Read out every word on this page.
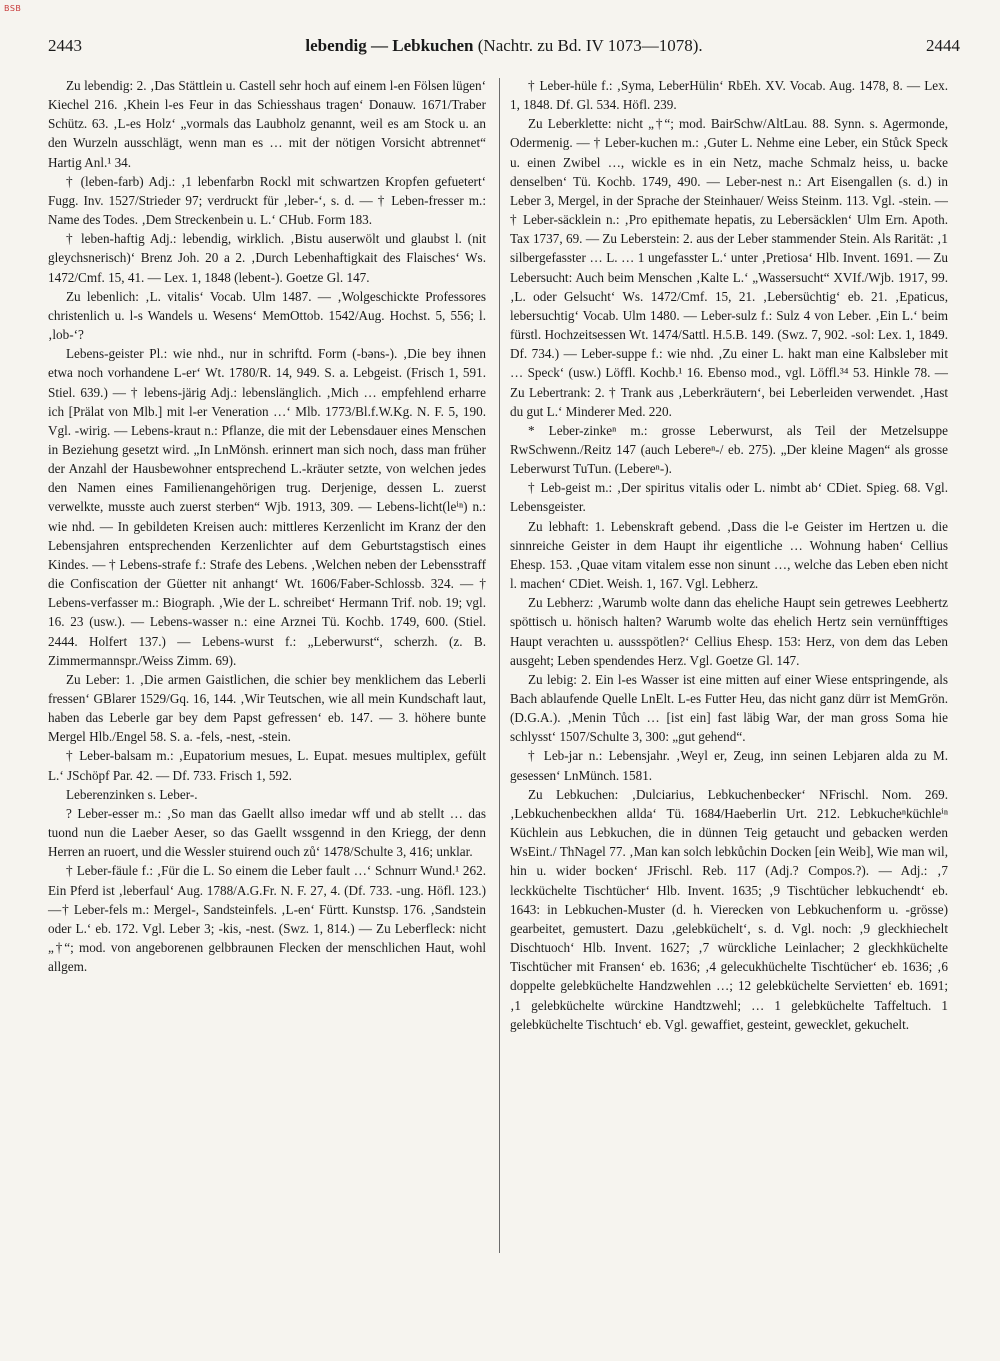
BSB
2443	lebendig — Lebkuchen (Nachtr. zu Bd. IV 1073—1078).	2444

Zu lebendig: 2. ‚Das Stättlein u. Castell sehr hoch auf einem l-en Fölsen lügen‘ Kiechel 216. ‚Khein l-es Feur in das Schiesshaus tragen‘ Donauw. 1671/Traber Schütz. 63. ‚L-es Holz‘ „vormals das Laubholz genannt, weil es am Stock u. an den Wurzeln ausschlägt, wenn man es … mit der nötigen Vorsicht abtrennet“ Hartig Anl.¹ 34.

† (leben-farb) Adj.: ‚1 lebenfarbn Rockl mit schwartzen Kropfen gefuetert‘ Fugg. Inv. 1527/Strieder 97; verdruckt für ‚leber-‘, s. d. — † Leben-fresser m.: Name des Todes. ‚Dem Streckenbein u. L.‘ CHub. Form 183.

† leben-haftig Adj.: lebendig, wirklich. ‚Bistu auserwölt und glaubst l. (nit gleychsnerisch)‘ Brenz Joh. 20 a 2. ‚Durch Lebenhaftigkait des Flaisches‘ Ws. 1472/Cmf. 15, 41. — Lex. 1, 1848 (lebent-). Goetze Gl. 147.

Zu lebenlich: ‚L. vitalis‘ Vocab. Ulm 1487. — ‚Wolgeschickte Professores christenlich u. l-s Wandels u. Wesens‘ MemOttob. 1542/Aug. Hochst. 5, 556; l. ‚lob-‘?

Lebens-geister Pl.: wie nhd., nur in schriftd. Form (-bəns-). ‚Die bey ihnen etwa noch vorhandene L-er‘ Wt. 1780/R. 14, 949. S. a. Lebgeist. (Frisch 1, 591. Stiel. 639.) — † lebens-järig Adj.: lebenslänglich. ‚Mich … empfehlend erharre ich [Prälat von Mlb.] mit l-er Veneration …‘ Mlb. 1773/Bl.f.W.Kg. N. F. 5, 190. Vgl. -wirig. — Lebens-kraut n.: Pflanze, die mit der Lebensdauer eines Menschen in Beziehung gesetzt wird. „In LnMönsh. erinnert man sich noch, dass man früher der Anzahl der Hausbewohner entsprechend L.-kräuter setzte, von welchen jedes den Namen eines Familienangehörigen trug. Derjenige, dessen L. zuerst verwelkte, musste auch zuerst sterben“ Wjb. 1913, 309. — Lebens-licht(leⁱⁿ) n.: wie nhd. — In gebildeten Kreisen auch: mittleres Kerzenlicht im Kranz der den Lebensjahren entsprechenden Kerzenlichter auf dem Geburtstagstisch eines Kindes. — † Lebens-strafe f.: Strafe des Lebens. ‚Welchen neben der Lebensstraff die Confiscation der Güetter nit anhangt‘ Wt. 1606/Faber-Schlossb. 324. — † Lebens-verfasser m.: Biograph. ‚Wie der L. schreibet‘ Hermann Trif. nob. 19; vgl. 16. 23 (usw.). — Lebens-wasser n.: eine Arznei Tü. Kochb. 1749, 600. (Stiel. 2444. Holfert 137.) — Lebens-wurst f.: „Leberwurst“, scherzh. (z. B. Zimmermannspr./Weiss Zimm. 69).

Zu Leber: 1. ‚Die armen Gaistlichen, die schier bey menklichem das Leberli fressen‘ GBlarer 1529/Gq. 16, 144. ‚Wir Teutschen, wie all mein Kundschaft laut, haben das Leberle gar bey dem Papst gefressen‘ eb. 147. — 3. höhere bunte Mergel Hlb./Engel 58. S. a. -fels, -nest, -stein.

† Leber-balsam m.: ‚Eupatorium mesues, L. Eupat. mesues multiplex, gefült L.‘ JSchöpf Par. 42. — Df. 733. Frisch 1, 592.

Leberenzinken s. Leber-.

? Leber-esser m.: ‚So man das Gaellt allso imedar wff und ab stellt … das tuond nun die Laeber Aeser, so das Gaellt wssgennd in den Kriegg, der denn Herren an ruoert, und die Wessler stuirend ouch zů‘ 1478/Schulte 3, 416; unklar.

† Leber-fäule f.: ‚Für die L. So einem die Leber fault …‘ Schnurr Wund.¹ 262. Ein Pferd ist ‚leberfaul‘ Aug. 1788/A.G.Fr. N. F. 27, 4. (Df. 733. -ung. Höfl. 123.) —† Leber-fels m.: Mergel-, Sandsteinfels. ‚L-en‘ Fürtt. Kunstsp. 176. ‚Sandstein oder L.‘ eb. 172. Vgl. Leber 3; -kis, -nest. (Swz. 1, 814.) — Zu Leberfleck: nicht „†“; mod. von angeborenen gelbbraunen Flecken der menschlichen Haut, wohl allgem.

† Leber-hüle f.: ‚Syma, LeberHülin‘ RbEh. XV. Vocab. Aug. 1478, 8. — Lex. 1, 1848. Df. Gl. 534. Höfl. 239.

Zu Leberklette: nicht „†“; mod. BairSchw/AltLau. 88. Synn. s. Agermonde, Odermenig. — † Leber-kuchen m.: ‚Guter L. Nehme eine Leber, ein Stůck Speck u. einen Zwibel …, wickle es in ein Netz, mache Schmalz heiss, u. backe denselben‘ Tü. Kochb. 1749, 490. — Leber-nest n.: Art Eisengallen (s. d.) in Leber 3, Mergel, in der Sprache der Steinhauer/ Weiss Steinm. 113. Vgl. -stein. — † Leber-säcklein n.: ‚Pro epithemate hepatis, zu Lebersäcklen‘ Ulm Ern. Apoth. Tax 1737, 69. — Zu Leberstein: 2. aus der Leber stammender Stein. Als Rarität: ‚1 silbergefasster … L. … 1 ungefasster L.‘ unter ‚Pretiosa‘ Hlb. Invent. 1691. — Zu Lebersucht: Auch beim Menschen ‚Kalte L.‘ „Wassersucht“ XVIf./Wjb. 1917, 99. ‚L. oder Gelsucht‘ Ws. 1472/Cmf. 15, 21. ‚Lebersüchtig‘ eb. 21. ‚Epaticus, lebersuchtig‘ Vocab. Ulm 1480. — Leber-sulz f.: Sulz 4 von Leber. ‚Ein L.‘ beim fürstl. Hochzeitsessen Wt. 1474/Sattl. H.5.B. 149. (Swz. 7, 902. -sol: Lex. 1, 1849. Df. 734.) — Leber-suppe f.: wie nhd. ‚Zu einer L. hakt man eine Kalbsleber mit … Speck‘ (usw.) Löffl. Kochb.¹ 16. Ebenso mod., vgl. Löffl.³⁴ 53. Hinkle 78. — Zu Lebertrank: 2. † Trank aus ‚Leberkräutern‘, bei Leberleiden verwendet. ‚Hast du gut L.‘ Minderer Med. 220.

* Leber-zinkeⁿ m.: grosse Leberwurst, als Teil der Metzelsuppe RwSchwenn./Reitz 147 (auch Lebereⁿ-/ eb. 275). „Der kleine Magen“ als grosse Leberwurst TuTun. (Lebereⁿ-).

† Leb-geist m.: ‚Der spiritus vitalis oder L. nimbt ab‘ CDiet. Spieg. 68. Vgl. Lebensgeister.

Zu lebhaft: 1. Lebenskraft gebend. ‚Dass die l-e Geister im Hertzen u. die sinnreiche Geister in dem Haupt ihr eigentliche … Wohnung haben‘ Cellius Ehesp. 153. ‚Quae vitam vitalem esse non sinunt …, welche das Leben eben nicht l. machen‘ CDiet. Weish. 1, 167. Vgl. Lebherz.

Zu Lebherz: ‚Warumb wolte dann das eheliche Haupt sein getrewes Leebhertz spöttisch u. hönisch halten? Warumb wolte das ehelich Hertz sein vernünfftiges Haupt verachten u. aussspötlen?‘ Cellius Ehesp. 153: Herz, von dem das Leben ausgeht; Leben spendendes Herz. Vgl. Goetze Gl. 147.

Zu lebig: 2. Ein l-es Wasser ist eine mitten auf einer Wiese entspringende, als Bach ablaufende Quelle LnElt. L-es Futter Heu, das nicht ganz dürr ist MemGrön. (D.G.A.). ‚Menin Tůch … [ist ein] fast läbig War, der man gross Soma hie schlysst‘ 1507/Schulte 3, 300: „gut gehend“.

† Leb-jar n.: Lebensjahr. ‚Weyl er, Zeug, inn seinen Lebjaren alda zu M. gesessen‘ LnMünch. 1581.

Zu Lebkuchen: ‚Dulciarius, Lebkuchenbecker‘ NFrischl. Nom. 269. ‚Lebkuchenbeckhen allda‘ Tü. 1684/Haeberlin Urt. 212. Lebkucheⁿküchleⁱⁿ Küchlein aus Lebkuchen, die in dünnen Teig getaucht und gebacken werden WsEint./ ThNagel 77. ‚Man kan solch lebkůchin Docken [ein Weib], Wie man wil, hin u. wider bocken‘ JFrischl. Reb. 117 (Adj.? Compos.?). — Adj.: ‚7 leckküchelte Tischtücher‘ Hlb. Invent. 1635; ‚9 Tischtücher lebkuchendt‘ eb. 1643: in Lebkuchen-Muster (d. h. Vierecken von Lebkuchenform u. -grösse) gearbeitet, gemustert. Dazu ‚gelebküchelt‘, s. d. Vgl. noch: ‚9 gleckhiechelt Dischtuoch‘ Hlb. Invent. 1627; ‚7 würckliche Leinlacher; 2 gleckhküchelte Tischtücher mit Fransen‘ eb. 1636; ‚4 gelecukhüchelte Tischtücher‘ eb. 1636; ‚6 doppelte gelebküchelte Handzwehlen …; 12 gelebküchelte Servietten‘ eb. 1691; ‚1 gelebküchelte würckine Handtzwehl; … 1 gelebküchelte Taffeltuch. 1 gelebküchelte Tischtuch‘ eb. Vgl. gewaffiet, gesteint, gewecklet, gekuchelt.
